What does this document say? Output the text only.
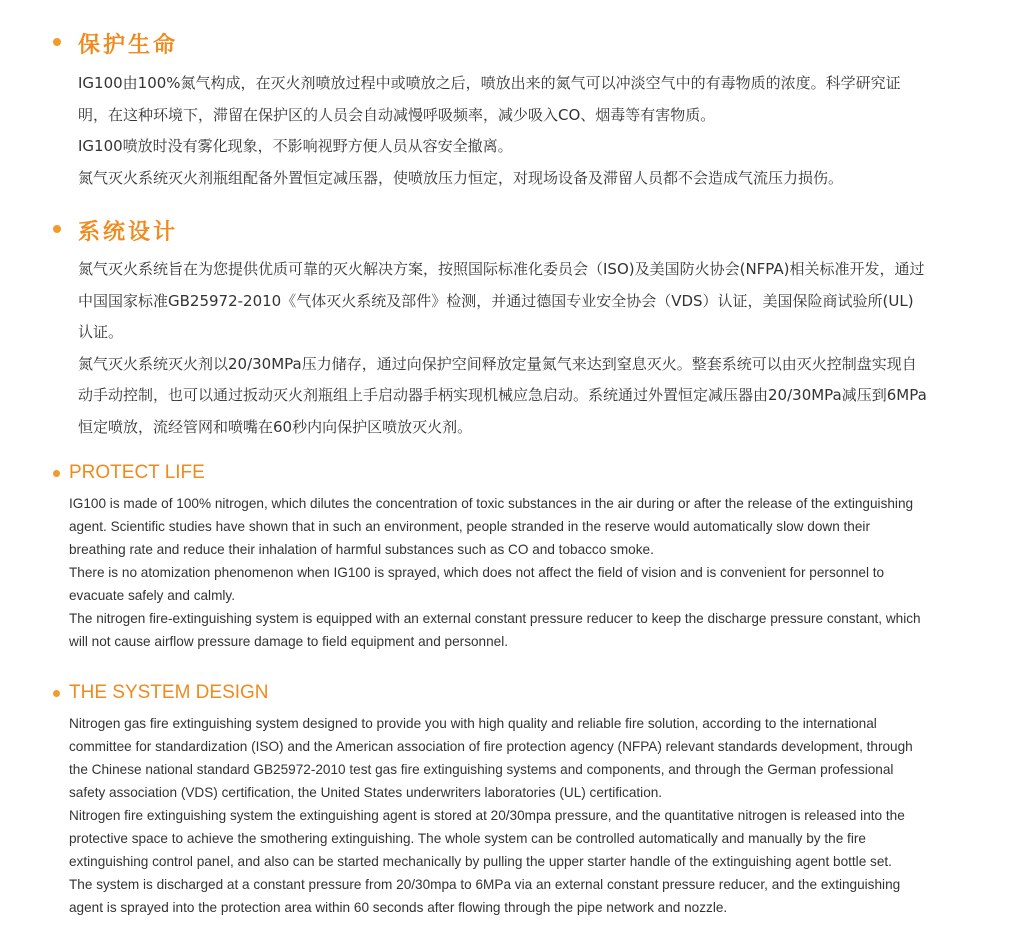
保护生命

IG100由100%氮气构成，在灭火剂喷放过程中或喷放之后，喷放出来的氮气可以冲淡空气中的有毒物质的浓度。科学研究证明，在这种环境下，滞留在保护区的人员会自动减慢呼吸频率，减少吸入CO、烟毒等有害物质。

IG100喷放时没有雾化现象，不影响视野方便人员从容安全撤离。

氮气灭火系统灭火剂瓶组配备外置恒定减压器，使喷放压力恒定，对现场设备及滞留人员都不会造成气流压力损伤。

系统设计

氮气灭火系统旨在为您提供优质可靠的灭火解决方案，按照国际标准化委员会（ISO)及美国防火协会(NFPA)相关标准开发，通过中国国家标准GB25972-2010《气体灭火系统及部件》检测，并通过德国专业安全协会（VDS）认证，美国保险商试验所(UL)认证。

氮气灭火系统灭火剂以20/30MPa压力储存，通过向保护空间释放定量氮气来达到窒息灭火。整套系统可以由灭火控制盘实现自动手动控制，也可以通过扳动灭火剂瓶组上手启动器手柄实现机械应急启动。系统通过外置恒定减压器由20/30MPa减压到6MPa恒定喷放，流经管网和喷嘴在60秒内向保护区喷放灭火剂。

PROTECT LIFE

IG100 is made of 100% nitrogen, which dilutes the concentration of toxic substances in the air during or after the release of the extinguishing agent. Scientific studies have shown that in such an environment, people stranded in the reserve would automatically slow down their breathing rate and reduce their inhalation of harmful substances such as CO and tobacco smoke.

There is no atomization phenomenon when IG100 is sprayed, which does not affect the field of vision and is convenient for personnel to evacuate safely and calmly.

The nitrogen fire-extinguishing system is equipped with an external constant pressure reducer to keep the discharge pressure constant, which will not cause airflow pressure damage to field equipment and personnel.

THE SYSTEM DESIGN

Nitrogen gas fire extinguishing system designed to provide you with high quality and reliable fire solution, according to the international committee for standardization (ISO) and the American association of fire protection agency (NFPA) relevant standards development, through the Chinese national standard GB25972-2010 test gas fire extinguishing systems and components, and through the German professional safety association (VDS) certification, the United States underwriters laboratories (UL) certification.

Nitrogen fire extinguishing system the extinguishing agent is stored at 20/30mpa pressure, and the quantitative nitrogen is released into the protective space to achieve the smothering extinguishing. The whole system can be controlled automatically and manually by the fire extinguishing control panel, and also can be started mechanically by pulling the upper starter handle of the extinguishing agent bottle set.

The system is discharged at a constant pressure from 20/30mpa to 6MPa via an external constant pressure reducer, and the extinguishing agent is sprayed into the protection area within 60 seconds after flowing through the pipe network and nozzle.
